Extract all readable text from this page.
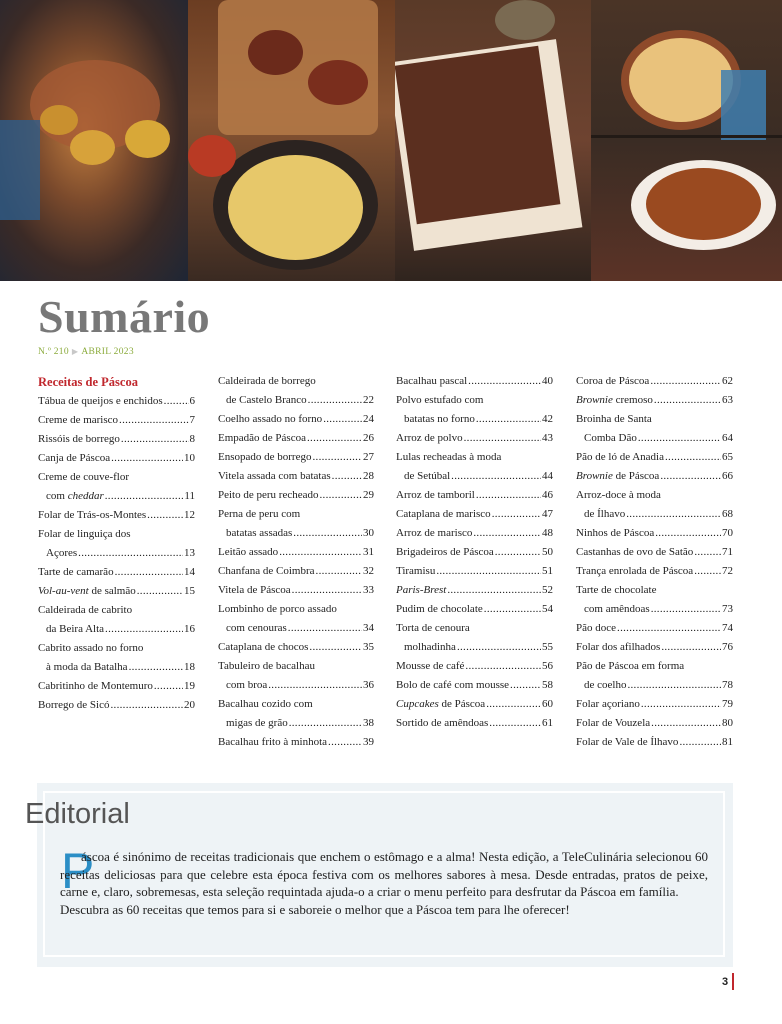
Sumário
N.º 210 ▶ ABRIL 2023
Receitas de Páscoa
Tábua de queijos e enchidos ..... 6
Creme de marisco .....	7
Rissóis de borrego .....	8
Canja de Páscoa .....	10
Creme de couve-flor
com cheddar .....	11
Folar de Trás-os-Montes .....	12
Folar de linguiça dos
Açores .....	13
Tarte de camarão .....	14
Vol-au-vent de salmão .....	15
Caldeirada de cabrito
da Beira Alta .....	16
Cabrito assado no forno
à moda da Batalha .....	18
Cabritinho de Montemuro .....	19
Borrego de Sicó .....	20
Caldeirada de borrego
de Castelo Branco .....	22
Coelho assado no forno .....	24
Empadão de Páscoa .....	26
Ensopado de borrego .....	27
Vitela assada com batatas .....	28
Peito de peru recheado .....	29
Perna de peru com
batatas assadas .....	30
Leitão assado .....	31
Chanfana de Coimbra .....	32
Vitela de Páscoa .....	33
Lombinho de porco assado
com cenouras .....	34
Cataplana de chocos .....	35
Tabuleiro de bacalhau
com broa .....	36
Bacalhau cozido com
migas de grão .....	38
Bacalhau frito à minhota .....	39
Bacalhau pascal .....	40
Polvo estufado com
batatas no forno .....	42
Arroz de polvo .....	43
Lulas recheadas à moda
de Setúbal .....	44
Arroz de tamboril .....	46
Cataplana de marisco .....	47
Arroz de marisco .....	48
Brigadeiros de Páscoa .....	50
Tiramisu .....	51
Paris-Brest .....	52
Pudim de chocolate .....	54
Torta de cenoura
molhadinha .....	55
Mousse de café .....	56
Bolo de café com mousse .....	58
Cupcakes de Páscoa .....	60
Sortido de amêndoas .....	61
Coroa de Páscoa .....	62
Brownie cremoso .....	63
Broinha de Santa
Comba Dão .....	64
Pão de ló de Anadia .....	65
Brownie de Páscoa .....	66
Arroz-doce à moda
de Ílhavo .....	68
Ninhos de Páscoa .....	70
Castanhas de ovo de Satão .....	71
Trança enrolada de Páscoa .....	72
Tarte de chocolate
com amêndoas .....	73
Pão doce .....	74
Folar dos afilhados .....	76
Pão de Páscoa em forma
de coelho .....	78
Folar açoriano .....	79
Folar de Vouzela .....	80
Folar de Vale de Ílhavo .....	81
Editorial
P
áscoa é sinónimo de receitas tradicionais que enchem o estômago e a alma! Nesta edição, a TeleCulinária selecionou 60 receitas deliciosas para que celebre esta época festiva com os melhores sabores à mesa. Desde entradas, pratos de peixe, carne e, claro, sobremesas, esta seleção requintada ajuda-o a criar o menu perfeito para desfrutar da Páscoa em família.
Descubra as 60 receitas que temos para si e saboreie o melhor que a Páscoa tem para lhe oferecer!
3
